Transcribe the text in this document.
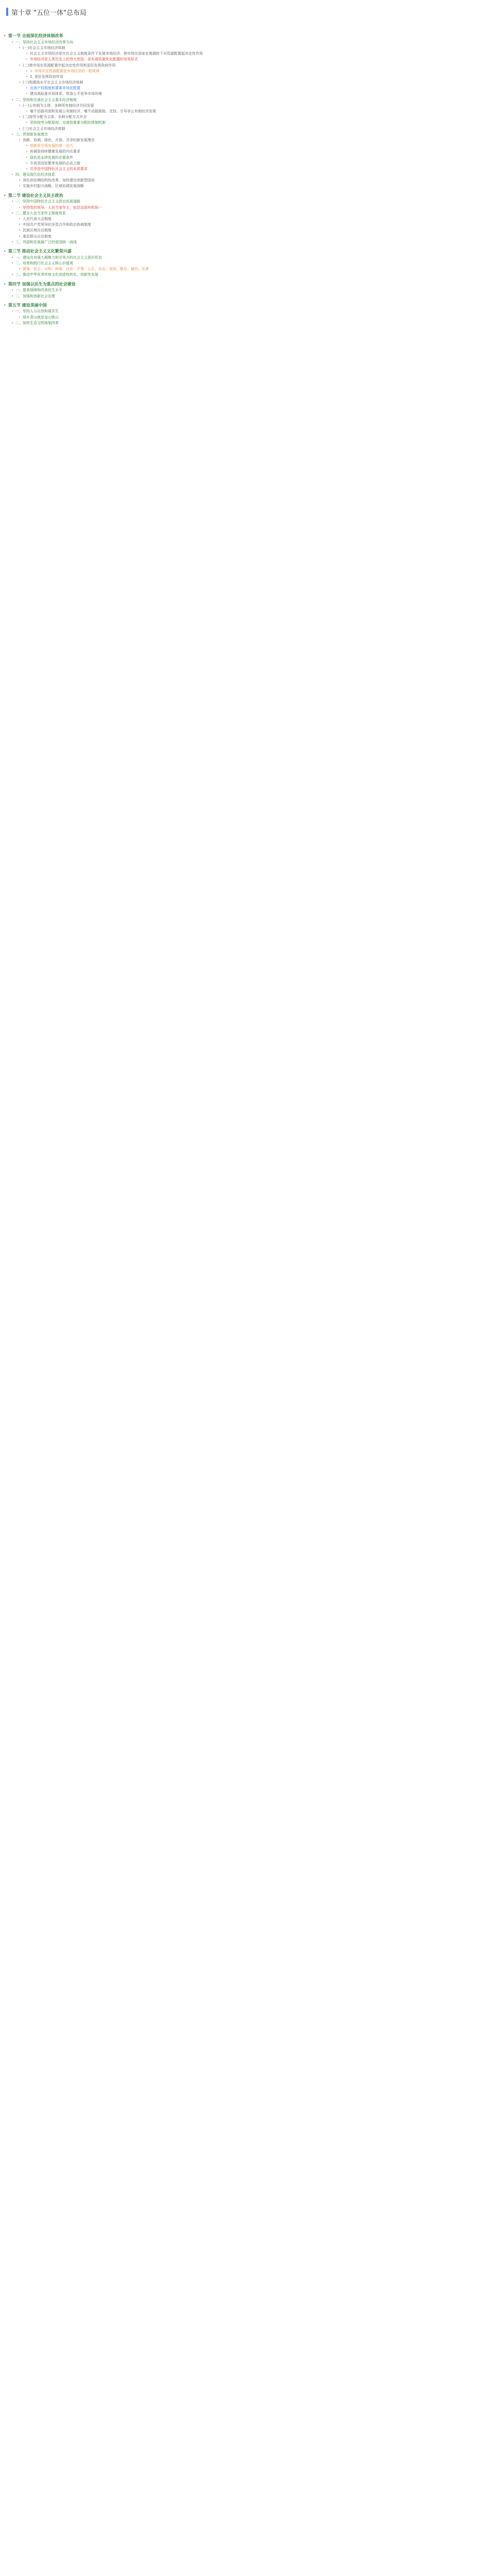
第十章 "五位一体"总布局
▸ 第一节 全面深化经济体制改革
• 一、坚持社会主义市场经济改革方向
• (一)社会主义市场经济体制
• 社会主义市场经济是在社会主义制度条件下发展市场经济，使市场在国家宏观调控下对资源配置起决定性作用
• 市场经济是人类历史上的伟大创造，是实现资源优化配置的有效形式
• (二)使市场在资源配置中起决定性作用和更好发挥政府作用
• 1. 市场决定资源配置是市场经济的一般规律
• 2. 更好发挥政府作用
• (三)构建高水平社会主义市场经济体制
• 完善产权制度和要素市场化配置
• 建设高标准市场体系，营造公平竞争市场环境
• 二、坚持和完善社会主义基本经济制度
• (一)公有制为主体、多种所有制经济共同发展
• 毫不动摇巩固和发展公有制经济，毫不动摇鼓励、支持、引导非公有制经济发展
• (二)按劳分配为主体、多种分配方式并存
• 坚持按劳分配原则，完善按要素分配的体制机制
• (三)社会主义市场经济体制
• 三、贯彻新发展理念
• 创新、协调、绿色、开放、共享的新发展理念
• 创新是引领发展的第一动力
• 协调是持续健康发展的内在要求
• 绿色是永续发展的必要条件
• 开放是国家繁荣发展的必由之路
• 共享是中国特色社会主义的本质要求
• 四、建设现代化经济体系
• 深化供给侧结构性改革，加快建设创新型国家
• 实施乡村振兴战略、区域协调发展战略
▸ 第二节 建设社会主义民主政治
• 一、坚持中国特色社会主义政治发展道路
• 坚持党的领导、人民当家作主、依法治国有机统一
• 二、健全人民当家作主制度体系
• 人民代表大会制度
• 中国共产党领导的多党合作和政治协商制度
• 民族区域自治制度
• 基层群众自治制度
• 三、巩固和发展最广泛的爱国统一战线
▸ 第三节 推动社会主义文化繁荣兴盛
• 一、建设具有强大凝聚力和引领力的社会主义意识形态
• 二、培育和践行社会主义核心价值观
• 富强、民主、文明、和谐；自由、平等、公正、法治；爱国、敬业、诚信、友善
• 三、推动中华优秀传统文化创造性转化、创新性发展
▸ 第四节 加强以民生为重点的社会建设
• 一、提高保障和改善民生水平
• 二、加强和创新社会治理
▸ 第五节 建设美丽中国
• 一、坚持人与自然和谐共生
• 绿水青山就是金山银山
• 二、加快生态文明体制改革
